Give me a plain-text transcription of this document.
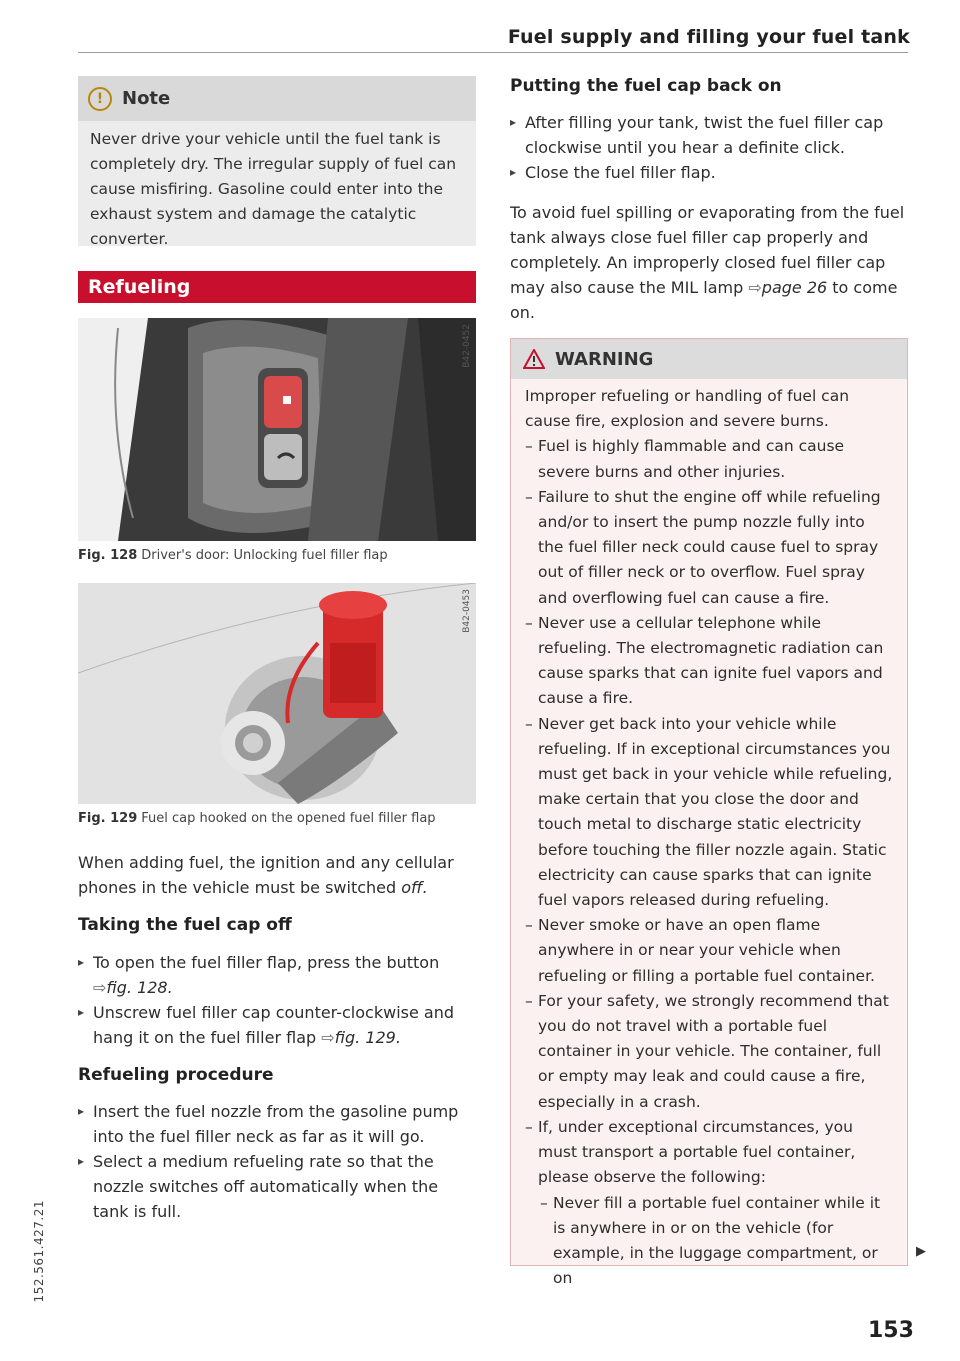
Fuel supply and filling your fuel tank
!	Note
Never drive your vehicle until the fuel tank is completely dry. The irregular supply of fuel can cause misfiring. Gasoline could enter into the exhaust system and damage the catalytic converter.
Refueling
B42-0452
Fig. 128 Driver's door: Unlocking fuel filler flap
B42-0453
Fig. 129 Fuel cap hooked on the opened fuel filler flap
When adding fuel, the ignition and any cellular phones in the vehicle must be switched off.
Taking the fuel cap off
▸ To open the fuel filler flap, press the button
⇨fig. 128.
▸ Unscrew fuel filler cap counter-clockwise and hang it on the fuel filler flap ⇨fig. 129.
Refueling procedure
▸ Insert the fuel nozzle from the gasoline pump into the fuel filler neck as far as it will go.
▸ Select a medium refueling rate so that the nozzle switches off automatically when the tank is full.
Putting the fuel cap back on
▸ After filling your tank, twist the fuel filler cap clockwise until you hear a definite click.
▸ Close the fuel filler flap.
To avoid fuel spilling or evaporating from the fuel tank always close fuel filler cap properly and completely. An improperly closed fuel filler cap may also cause the MIL lamp ⇨page 26 to come on.
WARNING
Improper refueling or handling of fuel can cause fire, explosion and severe burns.
– Fuel is highly flammable and can cause severe burns and other injuries.
– Failure to shut the engine off while refueling and/or to insert the pump nozzle fully into the fuel filler neck could cause fuel to spray out of filler neck or to overflow. Fuel spray and overflowing fuel can cause a fire.
– Never use a cellular telephone while refueling. The electromagnetic radiation can cause sparks that can ignite fuel vapors and cause a fire.
– Never get back into your vehicle while refueling. If in exceptional circumstances you must get back in your vehicle while refueling, make certain that you close the door and touch metal to discharge static electricity before touching the filler nozzle again. Static electricity can cause sparks that can ignite fuel vapors released during refueling.
– Never smoke or have an open flame anywhere in or near your vehicle when refueling or filling a portable fuel container.
– For your safety, we strongly recommend that you do not travel with a portable fuel container in your vehicle. The container, full or empty may leak and could cause a fire, especially in a crash.
– If, under exceptional circumstances, you must transport a portable fuel container, please observe the following:
– Never fill a portable fuel container while it is anywhere in or on the vehicle (for example, in the luggage compartment, or on
▶
153
152.561.427.21
